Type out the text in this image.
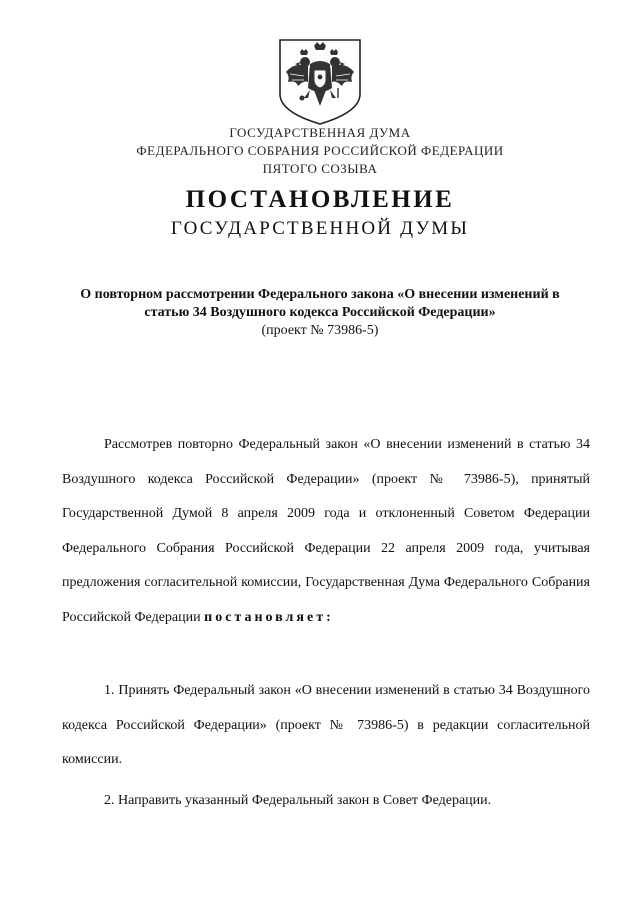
ГОСУДАРСТВЕННАЯ ДУМА
ФЕДЕРАЛЬНОГО СОБРАНИЯ РОССИЙСКОЙ ФЕДЕРАЦИИ
ПЯТОГО СОЗЫВА
ПОСТАНОВЛЕНИЕ
ГОСУДАРСТВЕННОЙ ДУМЫ
О повторном рассмотрении Федерального закона «О внесении изменений в
статью 34 Воздушного кодекса Российской Федерации»
(проект № 73986-5)
Рассмотрев повторно Федеральный закон «О внесении изменений в статью 34 Воздушного кодекса Российской Федерации» (проект № 73986-5), принятый Государственной Думой 8 апреля 2009 года и отклоненный Советом Федерации Федерального Собрания Российской Федерации 22 апреля 2009 года, учитывая предложения согласительной комиссии, Государственная Дума Федерального Собрания Российской Федерации постановляет:
1. Принять Федеральный закон «О внесении изменений в статью 34 Воздушного кодекса Российской Федерации» (проект № 73986-5) в редакции согласительной комиссии.
2. Направить указанный Федеральный закон в Совет Федерации.
